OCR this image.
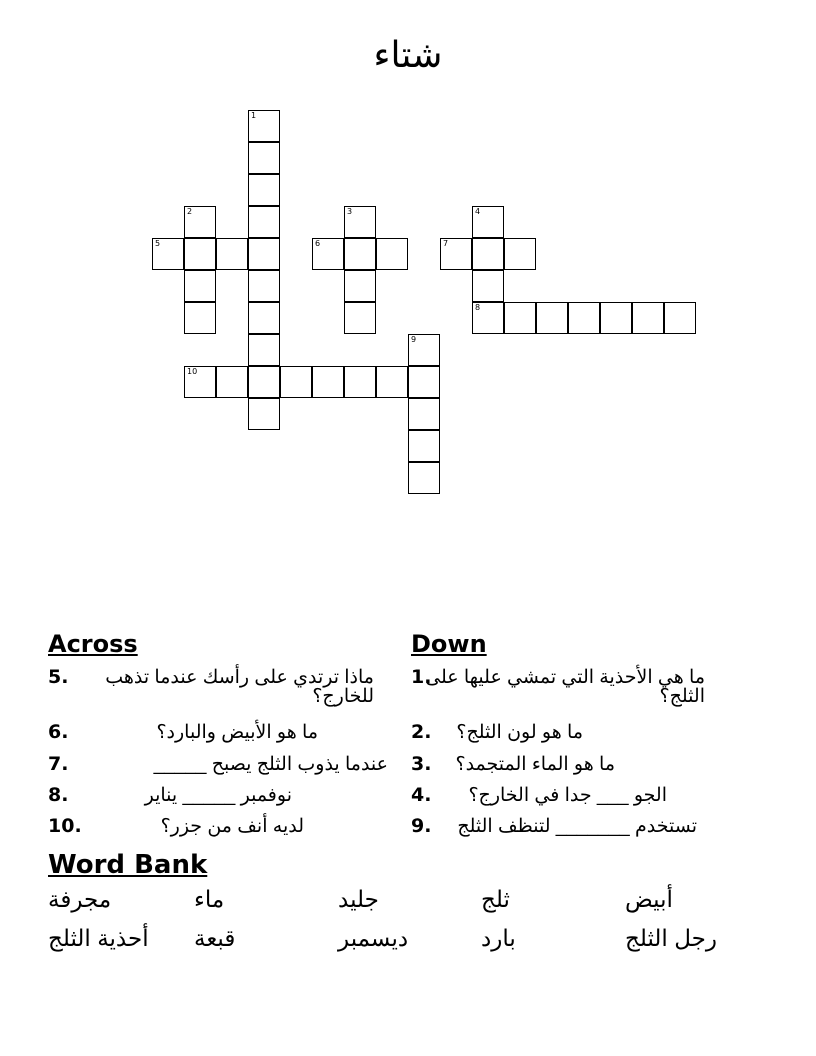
شتاء
1
2	3	4
8
5	6	7
9
10
Across	Down
5.	ماذا ترتدي على رأسك عندما تذهب للخارج؟
6.	ما هو الأبيض والبارد؟
7.	عندما يذوب الثلج يصبح _____
8.	نوفمبر _____ يناير
10.	لديه أنف من جزر؟
1.
ما هي الأحذية التي تمشي عليها على الثلج؟
2.	ما هو لون الثلج؟
3.	ما هو الماء المتجمد؟
4.	الجو ___ جدا في الخارج؟
9.	تستخدم _______ لتنظف الثلج
Word Bank
مجرفة	ماء	جليد	ثلج	أبيض
أحذية الثلج	قبعة	ديسمبر	بارد	رجل الثلج
